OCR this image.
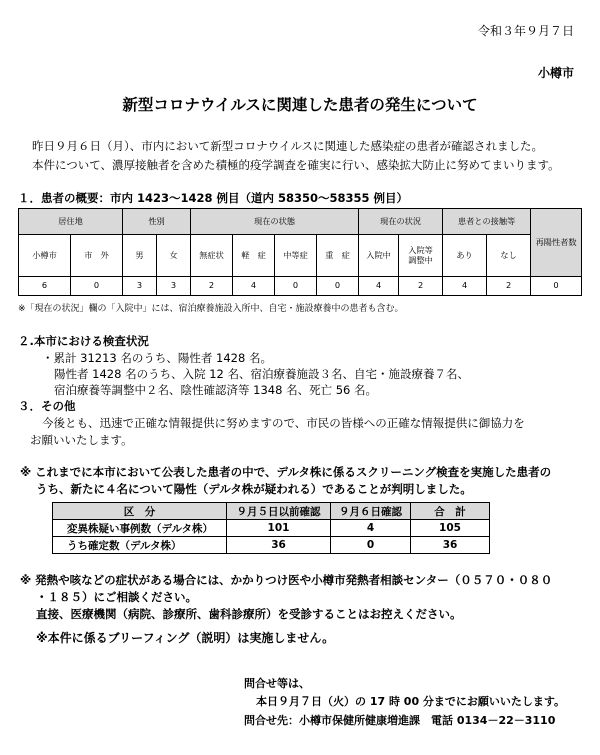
令和３年９月７日
小樽市
新型コロナウイルスに関連した患者の発生について
昨日９月６日（月）、市内において新型コロナウイルスに関連した感染症の患者が確認されました。
本件について、濃厚接触者を含めた積極的疫学調査を確実に行い、感染拡大防止に努めてまいります。
１．患者の概要：市内 1423～1428 例目（道内 58350～58355 例目）
居住地		性別		現在の状態				現在の状況		患者との接触等		再陽性者数
小樽市	市　外	男	女	無症状	軽　症	中等症	重　症	入院中	入院等
調整中	あり	なし	
6	0	3	3	2	4	0	0	4	2	4	2	0
※「現在の状況」欄の「入院中」には、宿泊療養施設入所中、自宅・施設療養中の患者も含む。
２.本市における検査状況
・累計 31213 名のうち、陽性者 1428 名。
陽性者 1428 名のうち、入院 12 名、宿泊療養施設３名、自宅・施設療養７名、
宿泊療養等調整中２名、陰性確認済等 1348 名、死亡 56 名。
３．その他
今後とも、迅速で正確な情報提供に努めますので、市民の皆様への正確な情報提供に御協力を
お願いいたします。
※ これまでに本市において公表した患者の中で、デルタ株に係るスクリーニング検査を実施した患者の
うち、新たに４名について陽性（デルタ株が疑われる）であることが判明しました。
区　分	９月５日以前確認	９月６日確認	合　計
変異株疑い事例数（デルタ株）	101	4	105
うち確定数（デルタ株）	36	0	36
※ 発熱や咳などの症状がある場合には、かかりつけ医や小樽市発熱者相談センター（０５７０・０８０
・１８５）にご相談ください。
直接、医療機関（病院、診療所、歯科診療所）を受診することはお控えください。
※本件に係るブリーフィング（説明）は実施しません。
問合せ等は、
本日９月７日（火）の 17 時 00 分までにお願いいたします。
問合せ先：小樽市保健所健康増進課　電話 0134－22－3110
